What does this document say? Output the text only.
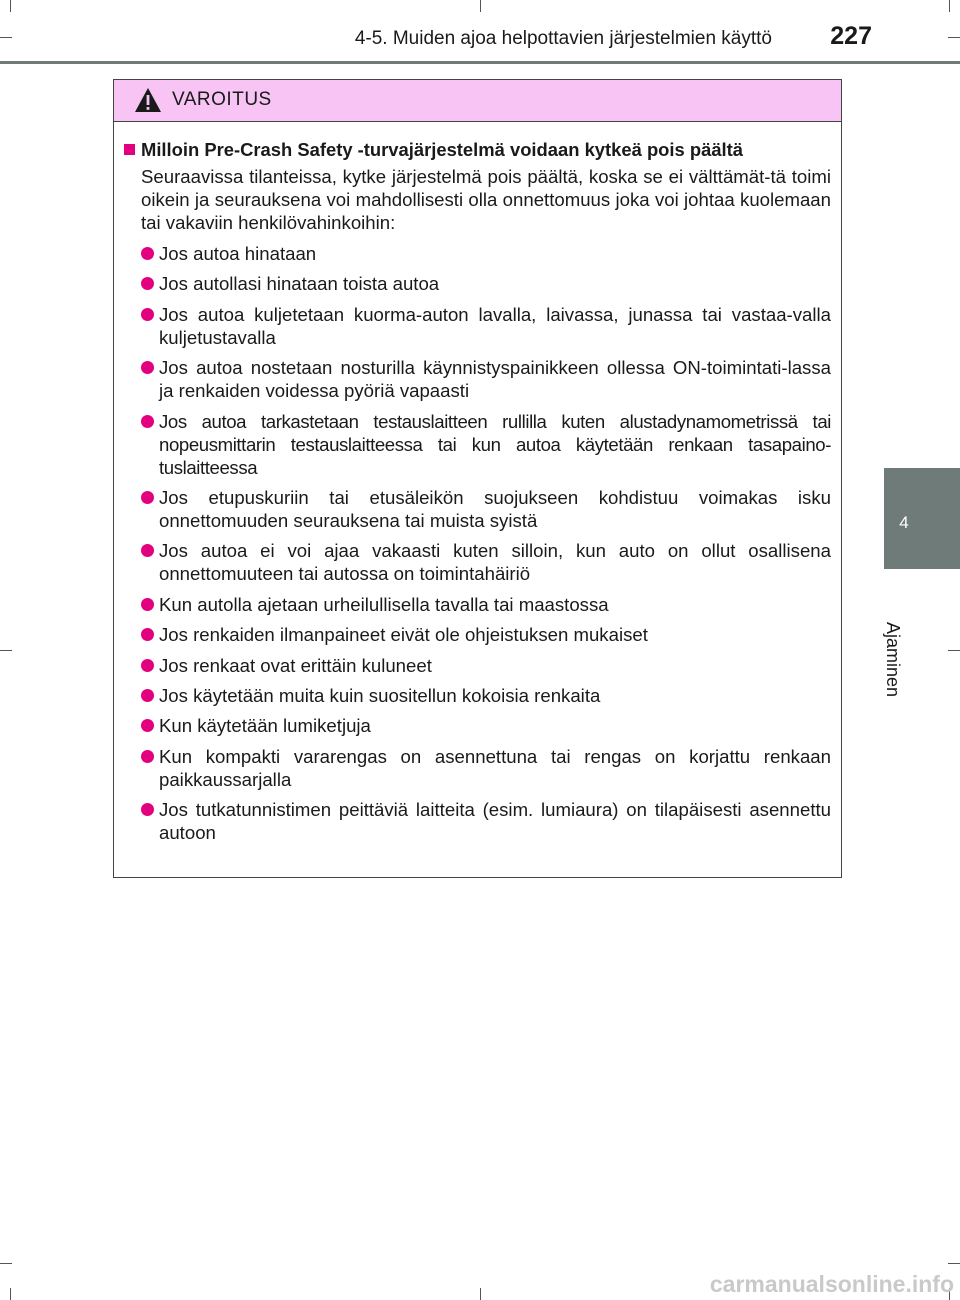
4-5. Muiden ajoa helpottavien järjestelmien käyttö 227
4
Ajaminen
VAROITUS
Milloin Pre-Crash Safety -turvajärjestelmä voidaan kytkeä pois päältä
Seuraavissa tilanteissa, kytke järjestelmä pois päältä, koska se ei välttämät-tä toimi oikein ja seurauksena voi mahdollisesti olla onnettomuus joka voi johtaa kuolemaan tai vakaviin henkilövahinkoihin:
Jos autoa hinataan
Jos autollasi hinataan toista autoa
Jos autoa kuljetetaan kuorma-auton lavalla, laivassa, junassa tai vastaa-valla kuljetustavalla
Jos autoa nostetaan nosturilla käynnistyspainikkeen ollessa ON-toimintati-lassa ja renkaiden voidessa pyöriä vapaasti
Jos autoa tarkastetaan testauslaitteen rullilla kuten alustadynamometrissä tai nopeusmittarin testauslaitteessa tai kun autoa käytetään renkaan tasapaino-tuslaitteessa
Jos etupuskuriin tai etusäleikön suojukseen kohdistuu voimakas isku onnettomuuden seurauksena tai muista syistä
Jos autoa ei voi ajaa vakaasti kuten silloin, kun auto on ollut osallisena onnettomuuteen tai autossa on toimintahäiriö
Kun autolla ajetaan urheilullisella tavalla tai maastossa
Jos renkaiden ilmanpaineet eivät ole ohjeistuksen mukaiset
Jos renkaat ovat erittäin kuluneet
Jos käytetään muita kuin suositellun kokoisia renkaita
Kun käytetään lumiketjuja
Kun kompakti vararengas on asennettuna tai rengas on korjattu renkaan paikkaussarjalla
Jos tutkatunnistimen peittäviä laitteita (esim. lumiaura) on tilapäisesti asennettu autoon
carmanualsonline.info
